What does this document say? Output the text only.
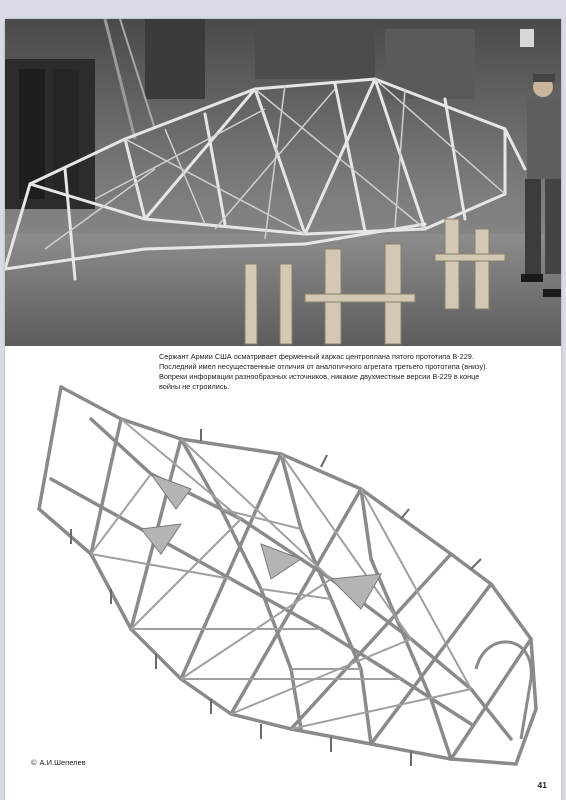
Сержант Армии США осматривает ферменный каркас центроплана пятого прототипа В-229.

Последний имел несущественные отличия от аналогичного агрегата третьего прототипа (внизу).

Вопреки информации разнообразных источников, никакие двухместные версии В-229 в конце

войны не строились.

© А.И.Шепелев
41
